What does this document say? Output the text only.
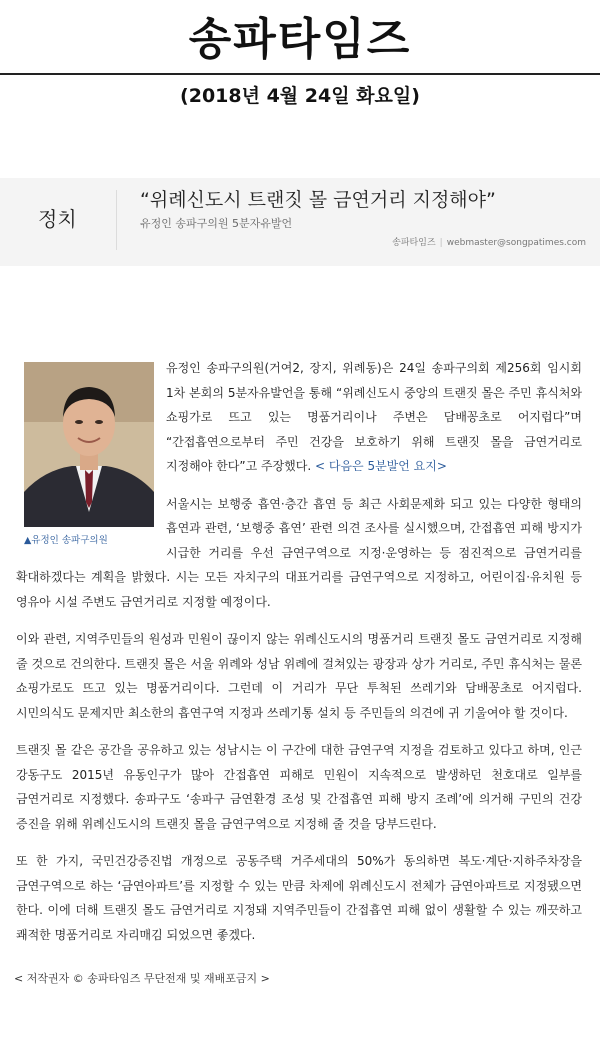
송파타임즈
(2018년 4월 24일 화요일)
정치
“위례신도시 트랜짓 몰 금연거리 지정해야”
유정인 송파구의원 5분자유발언
송파타임즈 | webmaster@songpatimes.com

유정인 송파구의원(거여2, 장지, 위례동)은 24일 송파구의회 제256회 임시회 1차 본회의 5분자유발언을 통해 “위례신도시 중앙의 트랜짓 몰은 주민 휴식처와 쇼핑가로 뜨고 있는 명품거리이나 주변은 담배꽁초로 어지럽다”며 “간접흡연으로부터 주민 건강을 보호하기 위해 트랜짓 몰을 금연거리로 지정해야 한다”고 주장했다. < 다음은 5분발언 요지>

서울시는 보행중 흡연·층간 흡연 등 최근 사회문제화 되고 있는 다양한 형태의 흡연과 관련, ‘보행중 흡연’ 관련 의견 조사를 실시했으며, 간접흡연 피해 방지가 시급한 거리를 우선 금연구역으로 지정·운영하는 등 점진적으로 금연거리를 확대하겠다는 계획을 밝혔다. 시는 모든 자치구의 대표거리를 금연구역으로 지정하고, 어린이집·유치원 등 영유아 시설 주변도 금연거리로 지정할 예정이다.

이와 관련, 지역주민들의 원성과 민원이 끊이지 않는 위례신도시의 명품거리 트랜짓 몰도 금연거리로 지정해 줄 것으로 건의한다. 트랜짓 몰은 서울 위례와 성남 위례에 걸쳐있는 광장과 상가 거리로, 주민 휴식처는 물론 쇼핑가로도 뜨고 있는 명품거리이다. 그런데 이 거리가 무단 투척된 쓰레기와 담배꽁초로 어지럽다. 시민의식도 문제지만 최소한의 흡연구역 지정과 쓰레기통 설치 등 주민들의 의견에 귀 기울여야 할 것이다.

트랜짓 몰 같은 공간을 공유하고 있는 성남시는 이 구간에 대한 금연구역 지정을 검토하고 있다고 하며, 인근 강동구도 2015년 유동인구가 많아 간접흡연 피해로 민원이 지속적으로 발생하던 천호대로 일부를 금연거리로 지정했다. 송파구도 ‘송파구 금연환경 조성 및 간접흡연 피해 방지 조례’에 의거해 구민의 건강 증진을 위해 위례신도시의 트랜짓 몰을 금연구역으로 지정해 줄 것을 당부드린다.

또 한 가지, 국민건강증진법 개정으로 공동주택 거주세대의 50%가 동의하면 복도·계단·지하주차장을 금연구역으로 하는 ‘금연아파트’를 지정할 수 있는 만큼 차제에 위례신도시 전체가 금연아파트로 지정됐으면 한다. 이에 더해 트랜짓 몰도 금연거리로 지정돼 지역주민들이 간접흡연 피해 없이 생활할 수 있는 깨끗하고 쾌적한 명품거리로 자리매김 되었으면 좋겠다.

▲유정인 송파구의원
< 저작권자 © 송파타임즈 무단전재 및 재배포금지 >
